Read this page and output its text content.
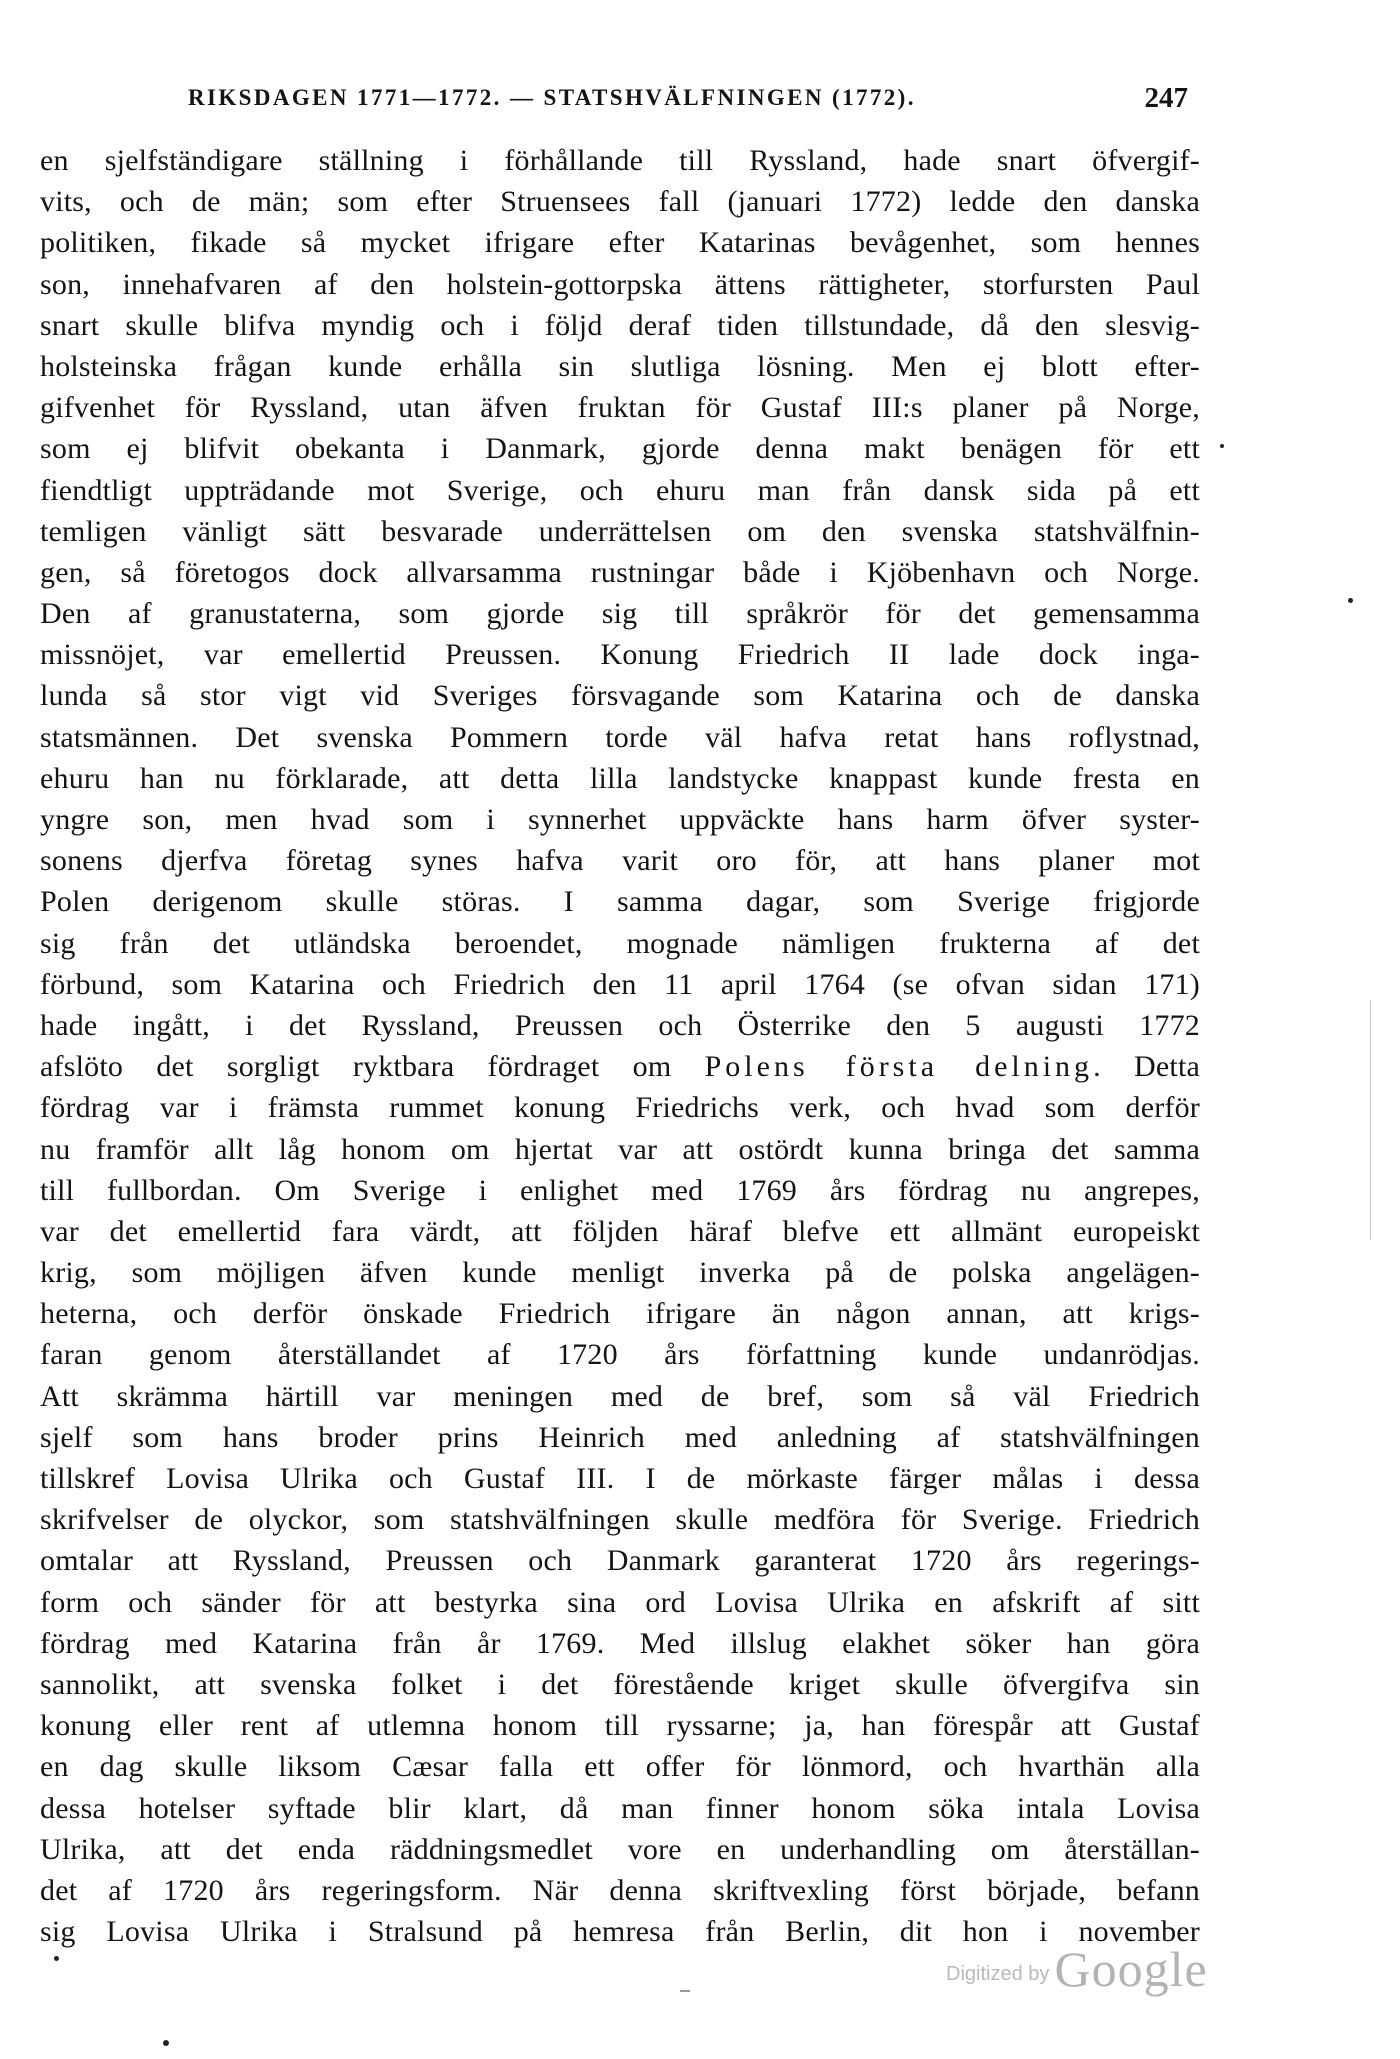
RIKSDAGEN 1771—1772. — STATSHVÄLFNINGEN (1772).	247
en sjelfständigare ställning i förhållande till Ryssland, hade snart öfvergif-
vits, och de män; som efter Struensees fall (januari 1772) ledde den danska
politiken, fikade så mycket ifrigare efter Katarinas bevågenhet, som hennes
son, innehafvaren af den holstein-gottorpska ättens rättigheter, storfursten Paul
snart skulle blifva myndig och i följd deraf tiden tillstundade, då den slesvig-
holsteinska frågan kunde erhålla sin slutliga lösning. Men ej blott efter-
gifvenhet för Ryssland, utan äfven fruktan för Gustaf III:s planer på Norge,
som ej blifvit obekanta i Danmark, gjorde denna makt benägen för ett
fiendtligt uppträdande mot Sverige, och ehuru man från dansk sida på ett
temligen vänligt sätt besvarade underrättelsen om den svenska statshvälfnin-
gen, så företogos dock allvarsamma rustningar både i Kjöbenhavn och Norge.
Den af granustaterna, som gjorde sig till språkrör för det gemensamma
missnöjet, var emellertid Preussen. Konung Friedrich II lade dock inga-
lunda så stor vigt vid Sveriges försvagande som Katarina och de danska
statsmännen. Det svenska Pommern torde väl hafva retat hans roflystnad,
ehuru han nu förklarade, att detta lilla landstycke knappast kunde fresta en
yngre son, men hvad som i synnerhet uppväckte hans harm öfver syster-
sonens djerfva företag synes hafva varit oro för, att hans planer mot
Polen derigenom skulle störas. I samma dagar, som Sverige frigjorde
sig från det utländska beroendet, mognade nämligen frukterna af det
förbund, som Katarina och Friedrich den 11 april 1764 (se ofvan sidan 171)
hade ingått, i det Ryssland, Preussen och Österrike den 5 augusti 1772
afslöto det sorgligt ryktbara fördraget om Polens första delning. Detta
fördrag var i främsta rummet konung Friedrichs verk, och hvad som derför
nu framför allt låg honom om hjertat var att ostördt kunna bringa det samma
till fullbordan. Om Sverige i enlighet med 1769 års fördrag nu angrepes,
var det emellertid fara värdt, att följden häraf blefve ett allmänt europeiskt
krig, som möjligen äfven kunde menligt inverka på de polska angelägen-
heterna, och derför önskade Friedrich ifrigare än någon annan, att krigs-
faran genom återställandet af 1720 års författning kunde undanrödjas.
Att skrämma härtill var meningen med de bref, som så väl Friedrich
sjelf som hans broder prins Heinrich med anledning af statshvälfningen
tillskref Lovisa Ulrika och Gustaf III. I de mörkaste färger målas i dessa
skrifvelser de olyckor, som statshvälfningen skulle medföra för Sverige. Friedrich
omtalar att Ryssland, Preussen och Danmark garanterat 1720 års regerings-
form och sänder för att bestyrka sina ord Lovisa Ulrika en afskrift af sitt
fördrag med Katarina från år 1769. Med illslug elakhet söker han göra
sannolikt, att svenska folket i det förestående kriget skulle öfvergifva sin
konung eller rent af utlemna honom till ryssarne; ja, han förespår att Gustaf
en dag skulle liksom Cæsar falla ett offer för lönmord, och hvarthän alla
dessa hotelser syftade blir klart, då man finner honom söka intala Lovisa
Ulrika, att det enda räddningsmedlet vore en underhandling om återställan-
det af 1720 års regeringsform. När denna skriftvexling först började, befann
sig Lovisa Ulrika i Stralsund på hemresa från Berlin, dit hon i november
Digitized by Google
